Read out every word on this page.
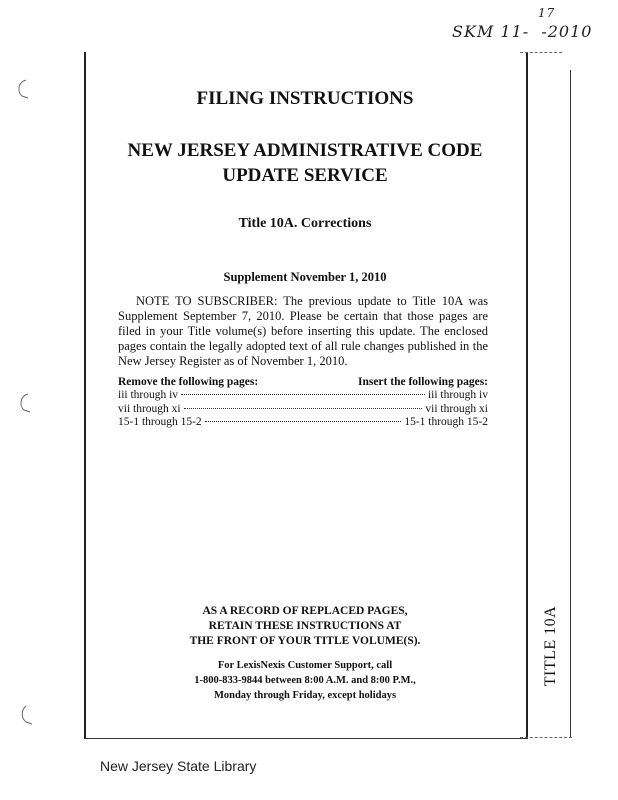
17
SKM 11-  -2010
FILING INSTRUCTIONS
NEW JERSEY ADMINISTRATIVE CODE
UPDATE SERVICE
Title 10A. Corrections
Supplement November 1, 2010
NOTE TO SUBSCRIBER: The previous update to Title 10A was Supplement September 7, 2010. Please be certain that those pages are filed in your Title volume(s) before inserting this update. The enclosed pages contain the legally adopted text of all rule changes published in the New Jersey Register as of November 1, 2010.
Remove the following pages:	Insert the following pages:
iii through iv	iii through iv
vii through xi	vii through xi
15-1 through 15-2	15-1 through 15-2
AS A RECORD OF REPLACED PAGES,
RETAIN THESE INSTRUCTIONS AT
THE FRONT OF YOUR TITLE VOLUME(S).
For LexisNexis Customer Support, call
1-800-833-9844 between 8:00 A.M. and 8:00 P.M.,
Monday through Friday, except holidays
TITLE 10A
New Jersey State Library
